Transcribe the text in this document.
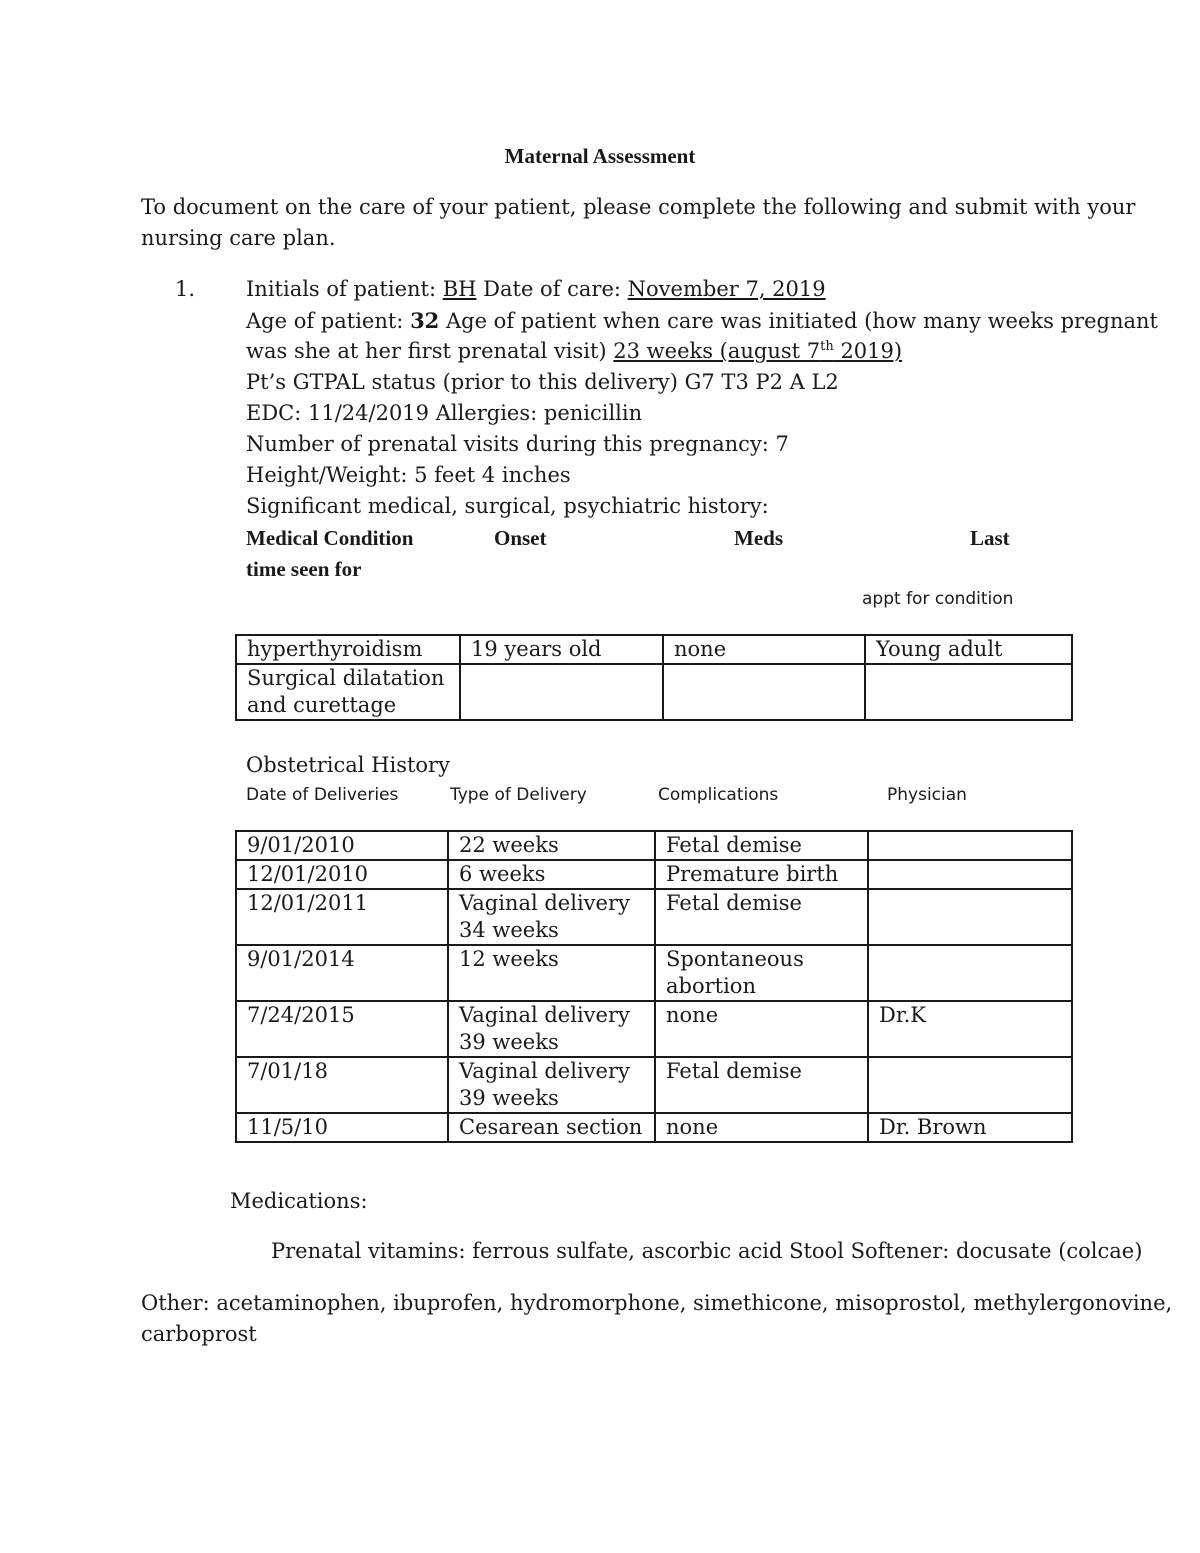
Maternal Assessment
To document on the care of your patient, please complete the following and submit with your
nursing care plan.
1. Initials of patient: BH Date of care: November 7, 2019
Age of patient: 32 Age of patient when care was initiated (how many weeks pregnant
was she at her first prenatal visit) 23 weeks (august 7th 2019)
Pt’s GTPAL status (prior to this delivery) G7 T3 P2 A L2
EDC: 11/24/2019 Allergies: penicillin
Number of prenatal visits during this pregnancy: 7
Height/Weight: 5 feet 4 inches
Significant medical, surgical, psychiatric history:
Medical Condition	Onset	Meds	Last
time seen for
appt for condition
hyperthyroidism	19 years old	none	Young adult
Surgical dilatation and curettage			
Obstetrical History
Date of Deliveries	Type of Delivery	Complications	Physician
9/01/2010	22 weeks	Fetal demise	
12/01/2010	6 weeks	Premature birth	
12/01/2011	Vaginal delivery 34 weeks	Fetal demise	
9/01/2014	12 weeks	Spontaneous abortion	
7/24/2015	Vaginal delivery 39 weeks	none	Dr.K
7/01/18	Vaginal delivery 39 weeks	Fetal demise	
11/5/10	Cesarean section	none	Dr. Brown
Medications:
Prenatal vitamins: ferrous sulfate, ascorbic acid Stool Softener: docusate (colcae)
Other: acetaminophen, ibuprofen, hydromorphone, simethicone, misoprostol, methylergonovine,
carboprost
